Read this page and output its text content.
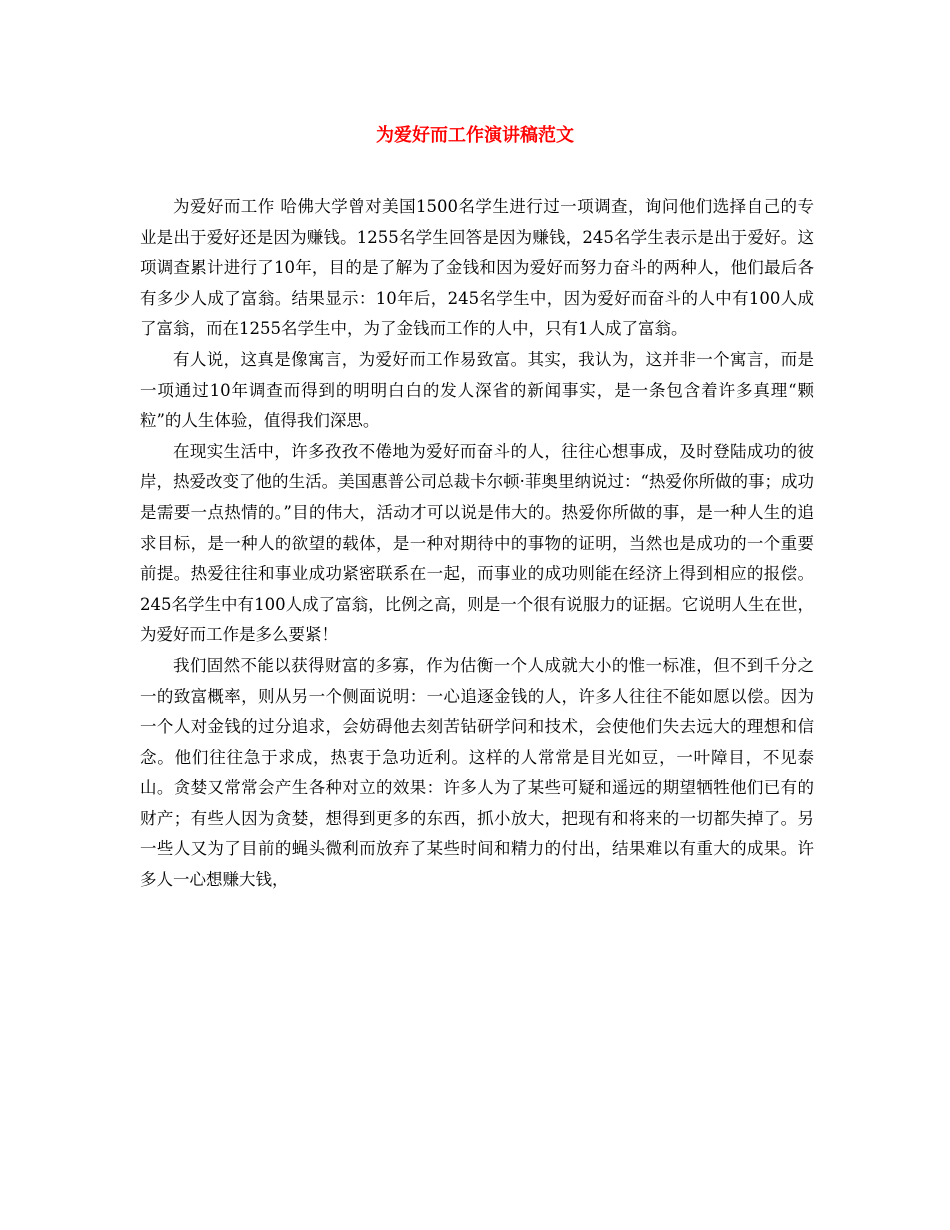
为爱好而工作演讲稿范文

为爱好而工作 哈佛大学曾对美国1500名学生进行过一项调查，询问他们选择自己的专业是出于爱好还是因为赚钱。1255名学生回答是因为赚钱，245名学生表示是出于爱好。这项调查累计进行了10年，目的是了解为了金钱和因为爱好而努力奋斗的两种人，他们最后各有多少人成了富翁。结果显示：10年后，245名学生中，因为爱好而奋斗的人中有100人成了富翁，而在1255名学生中，为了金钱而工作的人中，只有1人成了富翁。

有人说，这真是像寓言，为爱好而工作易致富。其实，我认为，这并非一个寓言，而是一项通过10年调查而得到的明明白白的发人深省的新闻事实，是一条包含着许多真理“颗粒”的人生体验，值得我们深思。

在现实生活中，许多孜孜不倦地为爱好而奋斗的人，往往心想事成，及时登陆成功的彼岸，热爱改变了他的生活。美国惠普公司总裁卡尔顿·菲奥里纳说过：“热爱你所做的事；成功是需要一点热情的。”目的伟大，活动才可以说是伟大的。热爱你所做的事，是一种人生的追求目标，是一种人的欲望的载体，是一种对期待中的事物的证明，当然也是成功的一个重要前提。热爱往往和事业成功紧密联系在一起，而事业的成功则能在经济上得到相应的报偿。245名学生中有100人成了富翁，比例之高，则是一个很有说服力的证据。它说明人生在世，为爱好而工作是多么要紧！

我们固然不能以获得财富的多寡，作为估衡一个人成就大小的惟一标准，但不到千分之一的致富概率，则从另一个侧面说明：一心追逐金钱的人，许多人往往不能如愿以偿。因为一个人对金钱的过分追求，会妨碍他去刻苦钻研学问和技术，会使他们失去远大的理想和信念。他们往往急于求成，热衷于急功近利。这样的人常常是目光如豆，一叶障目，不见泰山。贪婪又常常会产生各种对立的效果：许多人为了某些可疑和遥远的期望牺牲他们已有的财产；有些人因为贪婪，想得到更多的东西，抓小放大，把现有和将来的一切都失掉了。另一些人又为了目前的蝇头微利而放弃了某些时间和精力的付出，结果难以有重大的成果。许多人一心想赚大钱，
